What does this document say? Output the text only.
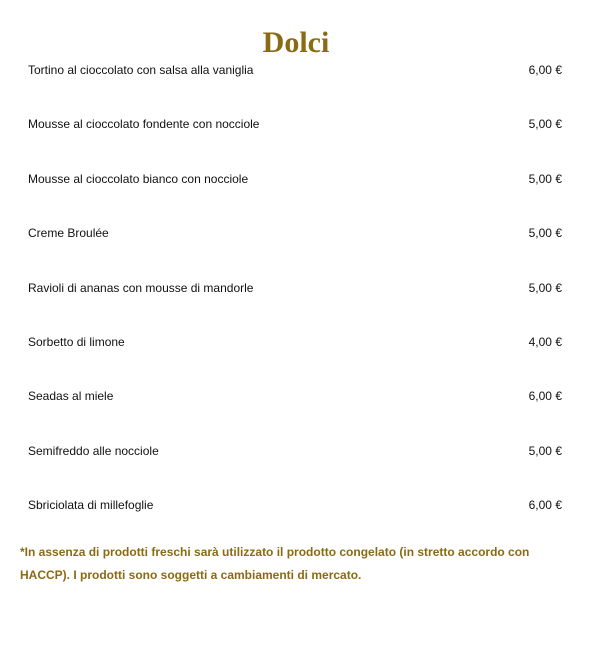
Dolci
Tortino al cioccolato con salsa alla vaniglia	6,00 €
Mousse al cioccolato fondente con nocciole	5,00 €
Mousse al cioccolato bianco con nocciole	5,00 €
Creme Broulée	5,00 €
Ravioli di ananas con mousse di mandorle	5,00 €
Sorbetto di limone	4,00 €
Seadas al miele	6,00 €
Semifreddo alle nocciole	5,00 €
Sbriciolata di millefoglie	6,00 €

*In assenza di prodotti freschi sarà utilizzato il prodotto congelato (in stretto accordo con HACCP). I prodotti sono soggetti a cambiamenti di mercato.
